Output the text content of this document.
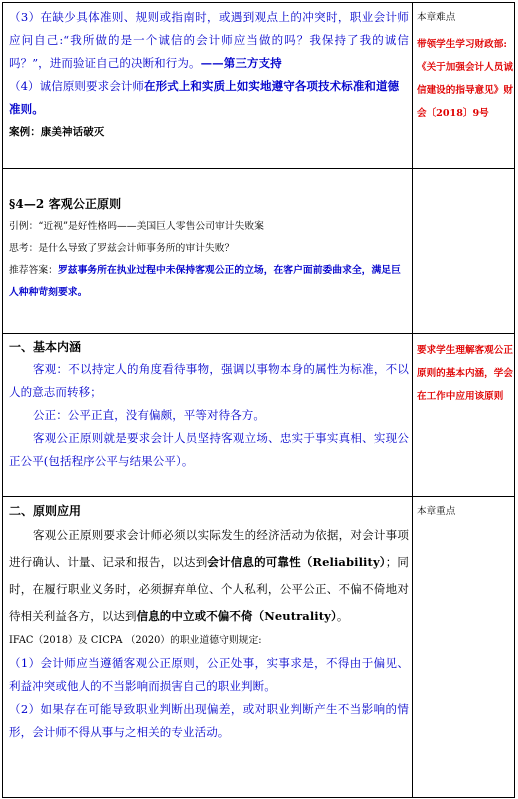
（3）在缺少具体准则、规则或指南时，或遇到观点上的冲突时，职业会计师应问自己:“我所做的是一个诚信的会计师应当做的吗？我保持了我的诚信吗？”，进而验证自己的决断和行为。——第三方支持

（4）诚信原则要求会计师在形式上和实质上如实地遵守各项技术标准和道德准则。

案例：康美神话破灭

本章难点

带领学生学习财政部:《关于加强会计人员诚信建设的指导意见》财会〔2018〕9号

§4—2 客观公正原则

引例：“近视”是好性格吗——美国巨人零售公司审计失败案

思考：是什么导致了罗兹会计师事务所的审计失败？

推荐答案：罗兹事务所在执业过程中未保持客观公正的立场，在客户面前委曲求全，满足巨人种种苛刻要求。

一、基本内涵

客观：不以持定人的角度看待事物，强调以事物本身的属性为标准，不以人的意志而转移；

公正：公平正直，没有偏颇，平等对待各方。

客观公正原则就是要求会计人员坚持客观立场、忠实于事实真相、实现公正公平(包括程序公平与结果公平）。

要求学生理解客观公正原则的基本内涵，学会在工作中应用该原则

二、原则应用

客观公正原则要求会计师必须以实际发生的经济活动为依据，对会计事项进行确认、计量、记录和报告，以达到会计信息的可靠性（Reliability）；同时，在履行职业义务时，必须摒弃单位、个人私利，公平公正、不偏不倚地对待相关利益各方，以达到信息的中立或不偏不倚（Neutrality）。

IFAC（2018）及 CICPA （2020）的职业道德守则规定:

（1）会计师应当遵循客观公正原则，公正处事，实事求是，不得由于偏见、利益冲突或他人的不当影响而损害自己的职业判断。

（2）如果存在可能导致职业判断出现偏差，或对职业判断产生不当影响的情形，会计师不得从事与之相关的专业活动。

本章重点
